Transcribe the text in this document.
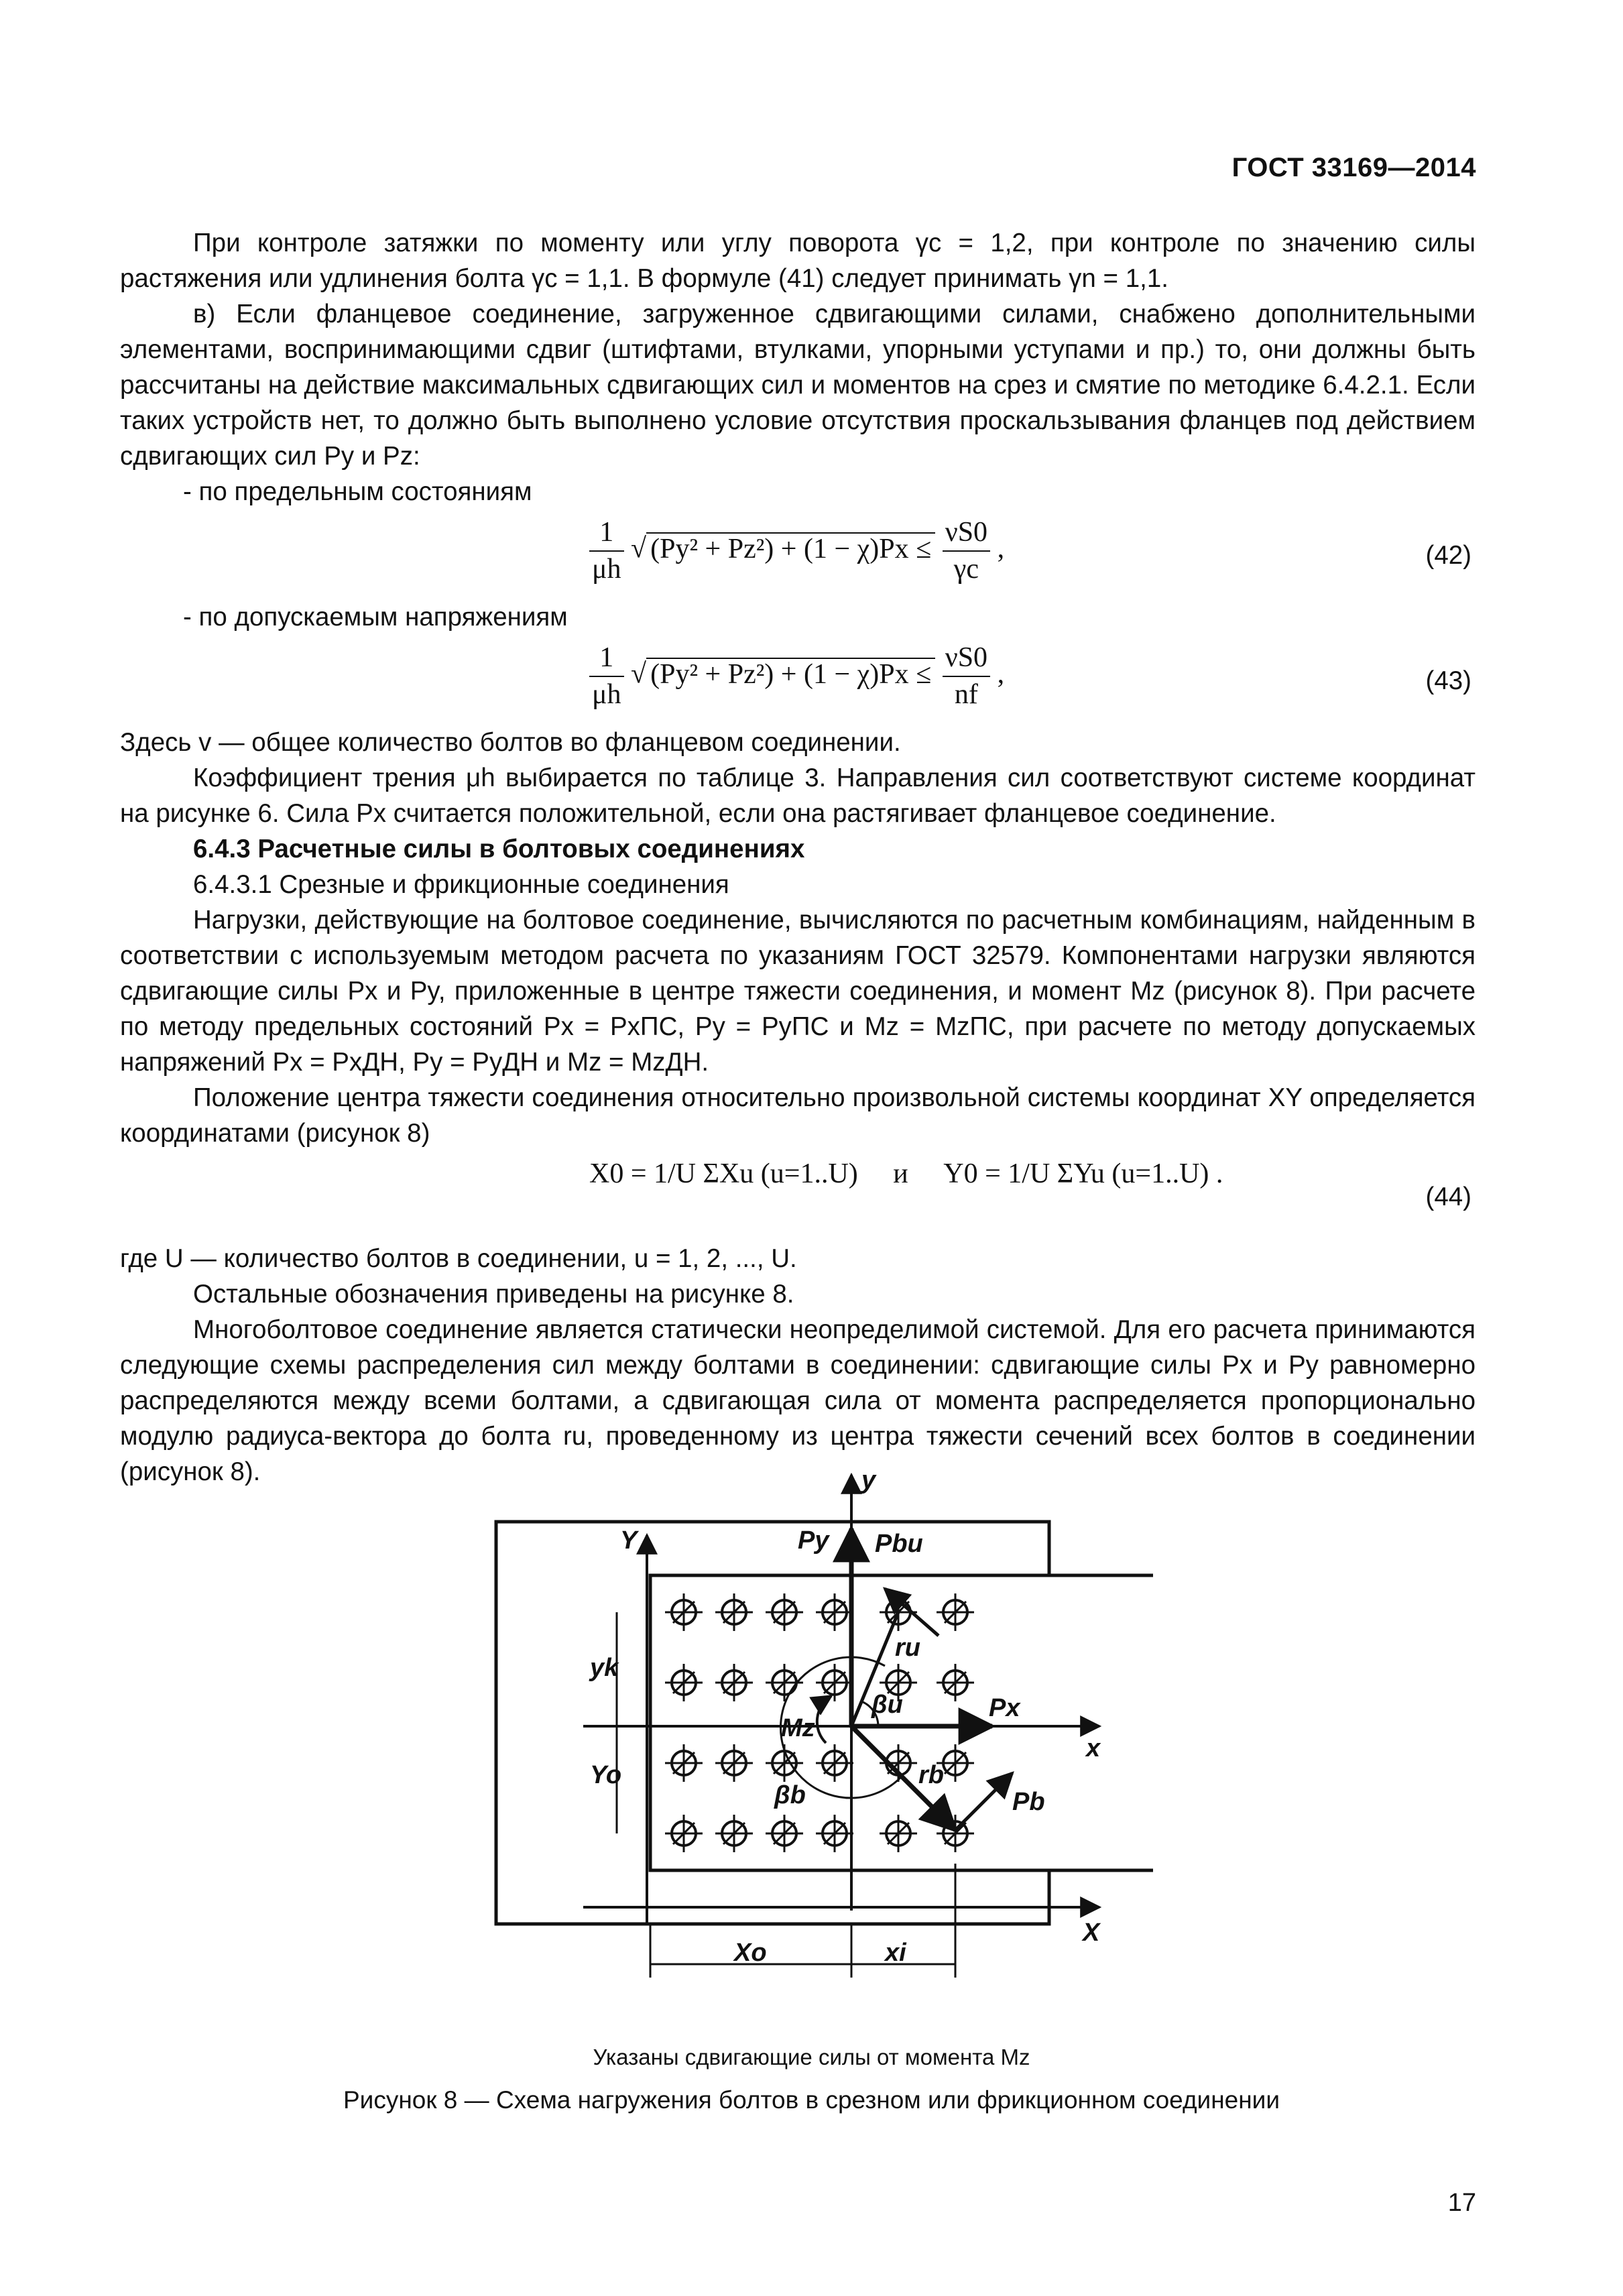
ГОСТ 33169—2014

При контроле затяжки по моменту или углу поворота γc = 1,2, при контроле по значению силы растяжения или удлинения болта γc = 1,1. В формуле (41) следует принимать γn = 1,1.

в) Если фланцевое соединение, загруженное сдвигающими силами, снабжено дополнительными элементами, воспринимающими сдвиг (штифтами, втулками, упорными уступами и пр.) то, они должны быть рассчитаны на действие максимальных сдвигающих сил и моментов на срез и смятие по методике 6.4.2.1. Если таких устройств нет, то должно быть выполнено условие отсутствия проскальзывания фланцев под действием сдвигающих сил Py и Pz:

- по предельным состояниям

$\frac{1}{\mu h}$ √ $(Py^2 + Pz^2) + (1 - \chi)Px \le \frac{\nu S0}{\gamma c}$ ,	(42)

- по допускаемым напряжениям

$\frac{1}{\mu h}$ √ $(Py^2 + Pz^2) + (1 - \chi)Px \le \frac{\nu S0}{nf}$ ,	(43)

Здесь v — общее количество болтов во фланцевом соединении.

Коэффициент трения μh выбирается по таблице 3. Направления сил соответствуют системе координат на рисунке 6. Сила Px считается положительной, если она растягивает фланцевое соединение.

6.4.3 Расчетные силы в болтовых соединениях

6.4.3.1 Срезные и фрикционные соединения

Нагрузки, действующие на болтовое соединение, вычисляются по расчетным комбинациям, найденным в соответствии с используемым методом расчета по указаниям ГОСТ 32579. Компонентами нагрузки являются сдвигающие силы Px и Py, приложенные в центре тяжести соединения, и момент Mz (рисунок 8). При расчете по методу предельных состояний Px = PxПС, Py = PyПС и Mz = MzПС, при расчете по методу допускаемых напряжений Px = PxДН, Py = PyДН и Mz = MzДН.

Положение центра тяжести соединения относительно произвольной системы координат XY определяется координатами (рисунок 8)

X0 = 1/U ΣXu (u=1..U) и Y0 = 1/U ΣYu (u=1..U) .
(44)

где U — количество болтов в соединении, u = 1, 2, ..., U.

Остальные обозначения приведены на рисунке 8.

Многоболтовое соединение является статически неопределимой системой. Для его расчета принимаются следующие схемы распределения сил между болтами в соединении: сдвигающие силы Px и Py равномерно распределяются между всеми болтами, а сдвигающая сила от момента распределяется пропорционально модулю радиуса-вектора до болта ru, проведенному из центра тяжести сечений всех болтов в соединении (рисунок 8).	y
Y
x
X
Py Pbu
ru
Px
βu
Mz
rb
Pb
βb
yk
Yo
Xo	xi
Указаны сдвигающие силы от момента Mz
Рисунок 8 — Схема нагружения болтов в срезном или фрикционном соединении
17
